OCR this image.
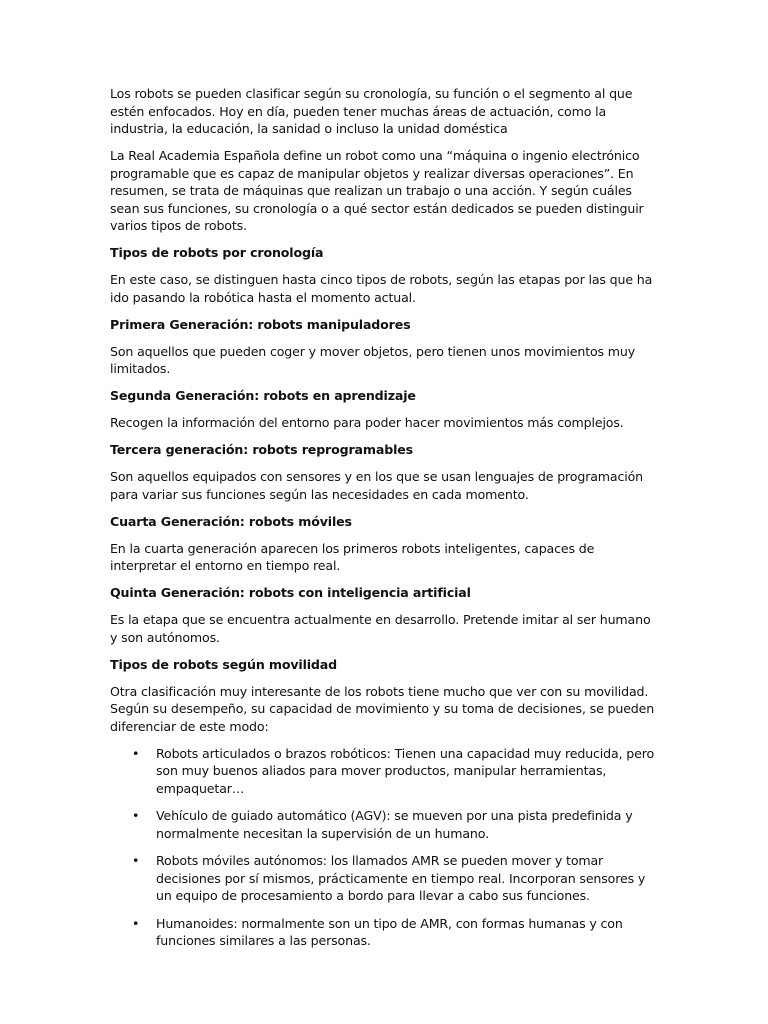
Los robots se pueden clasificar según su cronología, su función o el segmento al que estén enfocados. Hoy en día, pueden tener muchas áreas de actuación, como la industria, la educación, la sanidad o incluso la unidad doméstica

La Real Academia Española define un robot como una “máquina o ingenio electrónico programable que es capaz de manipular objetos y realizar diversas operaciones”. En resumen, se trata de máquinas que realizan un trabajo o una acción. Y según cuáles sean sus funciones, su cronología o a qué sector están dedicados se pueden distinguir varios tipos de robots.

Tipos de robots por cronología

En este caso, se distinguen hasta cinco tipos de robots, según las etapas por las que ha ido pasando la robótica hasta el momento actual.

Primera Generación: robots manipuladores

Son aquellos que pueden coger y mover objetos, pero tienen unos movimientos muy limitados.

Segunda Generación: robots en aprendizaje

Recogen la información del entorno para poder hacer movimientos más complejos.

Tercera generación: robots reprogramables

Son aquellos equipados con sensores y en los que se usan lenguajes de programación para variar sus funciones según las necesidades en cada momento.

Cuarta Generación: robots móviles

En la cuarta generación aparecen los primeros robots inteligentes, capaces de interpretar el entorno en tiempo real.

Quinta Generación: robots con inteligencia artificial

Es la etapa que se encuentra actualmente en desarrollo. Pretende imitar al ser humano y son autónomos.

Tipos de robots según movilidad

Otra clasificación muy interesante de los robots tiene mucho que ver con su movilidad. Según su desempeño, su capacidad de movimiento y su toma de decisiones, se pueden diferenciar de este modo:

• Robots articulados o brazos robóticos: Tienen una capacidad muy reducida, pero son muy buenos aliados para mover productos, manipular herramientas, empaquetar…
• Vehículo de guiado automático (AGV): se mueven por una pista predefinida y normalmente necesitan la supervisión de un humano.
• Robots móviles autónomos: los llamados AMR se pueden mover y tomar decisiones por sí mismos, prácticamente en tiempo real. Incorporan sensores y un equipo de procesamiento a bordo para llevar a cabo sus funciones.
• Humanoides: normalmente son un tipo de AMR, con formas humanas y con funciones similares a las personas.
